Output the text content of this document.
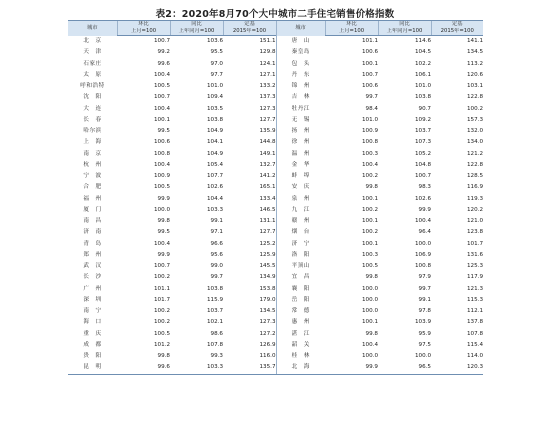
表2：2020年8月70个大中城市二手住宅销售价格指数
城市	环比	同比	定基	城市	环比	同比	定基
	上月=100	上年同月=100	2015年=100		上月=100	上年同月=100	2015年=100
北　京	100.7	103.6	151.1	唐　山	101.1	114.6	141.1
天　津	99.2	95.5	129.8	秦皇岛	100.6	104.5	134.5
石家庄	99.6	97.0	124.1	包　头	100.1	102.2	113.2
太　原	100.4	97.7	127.1	丹　东	100.7	106.1	120.6
呼和浩特	100.5	101.0	133.2	锦　州	100.6	101.0	103.1
沈　阳	100.7	109.4	137.3	吉　林	99.7	103.8	122.8
大　连	100.4	103.5	127.3	牡丹江	98.4	90.7	100.2
长　春	100.1	103.8	127.7	无　锡	101.0	109.2	157.3
哈尔滨	99.5	104.9	135.9	扬　州	100.9	103.7	132.0
上　海	100.6	104.1	144.8	徐　州	100.8	107.3	134.0
南　京	100.8	104.9	149.1	温　州	100.3	105.2	121.2
杭　州	100.4	105.4	132.7	金　华	100.4	104.8	122.8
宁　波	100.9	107.7	141.2	蚌　埠	100.2	100.7	128.5
合　肥	100.5	102.6	165.1	安　庆	99.8	98.3	116.9
福　州	99.9	104.4	133.4	泉　州	100.1	102.6	119.3
厦　门	100.0	103.3	146.5	九　江	100.2	99.9	120.2
南　昌	99.8	99.1	131.1	赣　州	100.1	100.4	121.0
济　南	99.5	97.1	127.7	烟　台	100.2	96.4	123.8
青　岛	100.4	96.6	125.2	济　宁	100.1	100.0	101.7
郑　州	99.9	95.6	125.9	洛　阳	100.3	106.9	131.6
武　汉	100.7	99.0	145.5	平顶山	100.5	100.8	125.3
长　沙	100.2	99.7	134.9	宜　昌	99.8	97.9	117.9
广　州	101.1	103.8	153.8	襄　阳	100.0	99.7	121.3
深　圳	101.7	115.9	179.0	岳　阳	100.0	99.1	115.3
南　宁	100.2	103.7	134.5	常　德	100.0	97.8	112.1
海　口	100.2	102.1	127.3	惠　州	100.1	103.9	137.8
重　庆	100.5	98.6	127.2	湛　江	99.8	95.9	107.8
成　都	101.2	107.8	126.9	韶　关	100.4	97.5	115.4
贵　阳	99.8	99.3	116.0	桂　林	100.0	100.0	114.0
昆　明	99.6	103.3	135.7	北　海	99.9	96.5	120.3
